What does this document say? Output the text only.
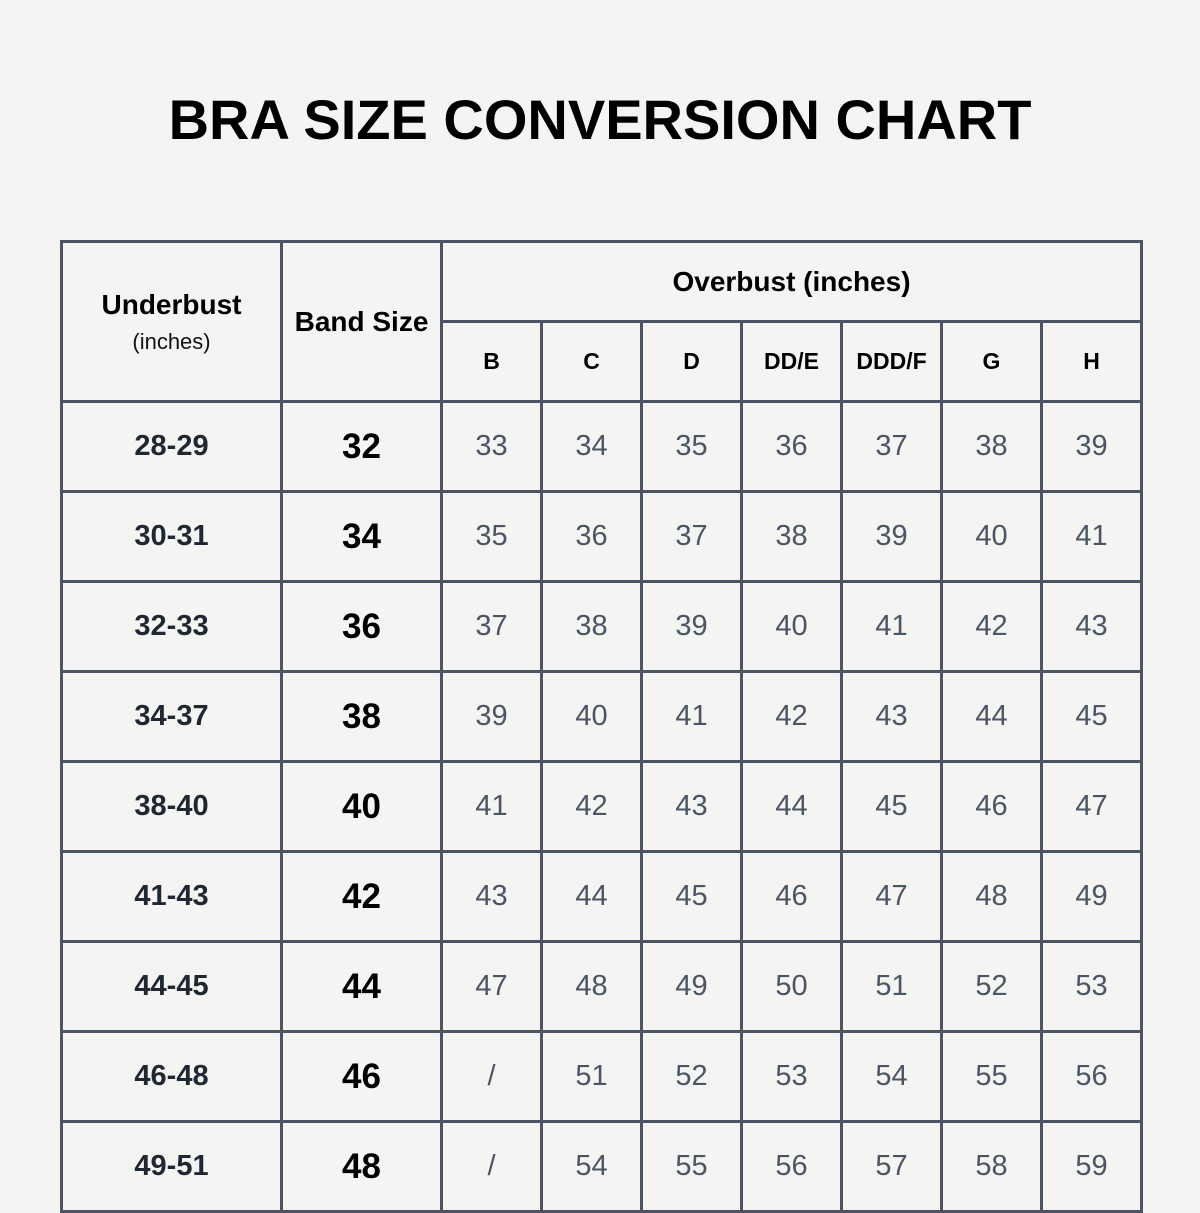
BRA SIZE CONVERSION CHART
Underbust
(inches)	Band Size	Overbust (inches)						
		B	C	D	DD/E	DDD/F	G	H
28-29	32	33	34	35	36	37	38	39
30-31	34	35	36	37	38	39	40	41
32-33	36	37	38	39	40	41	42	43
34-37	38	39	40	41	42	43	44	45
38-40	40	41	42	43	44	45	46	47
41-43	42	43	44	45	46	47	48	49
44-45	44	47	48	49	50	51	52	53
46-48	46	/	51	52	53	54	55	56
49-51	48	/	54	55	56	57	58	59
